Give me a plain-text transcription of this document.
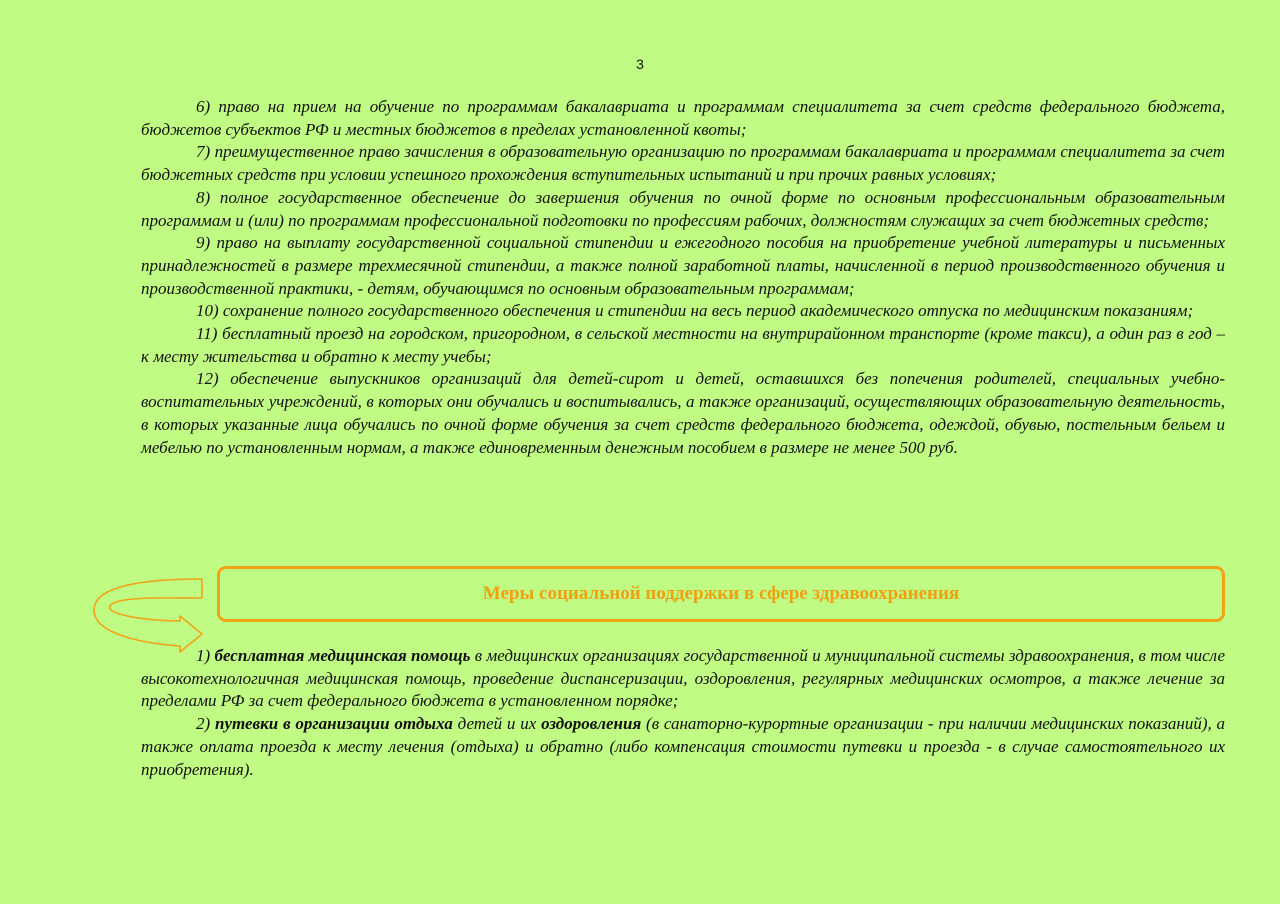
3

6) право на прием на обучение по программам бакалавриата и программам специалитета за счет средств федерального бюджета, бюджетов субъектов РФ и местных бюджетов в пределах установленной квоты;

7) преимущественное право зачисления в образовательную организацию по программам бакалавриата и программам специалитета за счет бюджетных средств при условии успешного прохождения вступительных испытаний и при прочих равных условиях;

8) полное государственное обеспечение до завершения обучения по очной форме по основным профессиональным образовательным программам и (или) по программам профессиональной подготовки по профессиям рабочих, должностям служащих за счет бюджетных средств;

9) право на выплату государственной социальной стипендии и ежегодного пособия на приобретение учебной литературы и письменных принадлежностей в размере трехмесячной стипендии, а также полной заработной платы, начисленной в период производственного обучения и производственной практики, - детям, обучающимся по основным образовательным программам;

10) сохранение полного государственного обеспечения и стипендии на весь период академического отпуска по медицинским показаниям;

11) бесплатный проезд на городском, пригородном, в сельской местности на внутрирайонном транспорте (кроме такси), а один раз в год – к месту жительства и обратно к месту учебы;

12) обеспечение выпускников организаций для детей-сирот и детей, оставшихся без попечения родителей, специальных учебно-воспитательных учреждений, в которых они обучались и воспитывались, а также организаций, осуществляющих образовательную деятельность, в которых указанные лица обучались по очной форме обучения за счет средств федерального бюджета, одеждой, обувью, постельным бельем и мебелью по установленным нормам, а также единовременным денежным пособием в размере не менее 500 руб.

Меры социальной поддержки в сфере здравоохранения

1) бесплатная медицинская помощь в медицинских организациях государственной и муниципальной системы здравоохранения, в том числе высокотехнологичная медицинская помощь, проведение диспансеризации, оздоровления, регулярных медицинских осмотров, а также лечение за пределами РФ за счет федерального бюджета в установленном порядке;

2) путевки в организации отдыха детей и их оздоровления (в санаторно-курортные организации - при наличии медицинских показаний), а также оплата проезда к месту лечения (отдыха) и обратно (либо компенсация стоимости путевки и проезда - в случае самостоятельного их приобретения).
